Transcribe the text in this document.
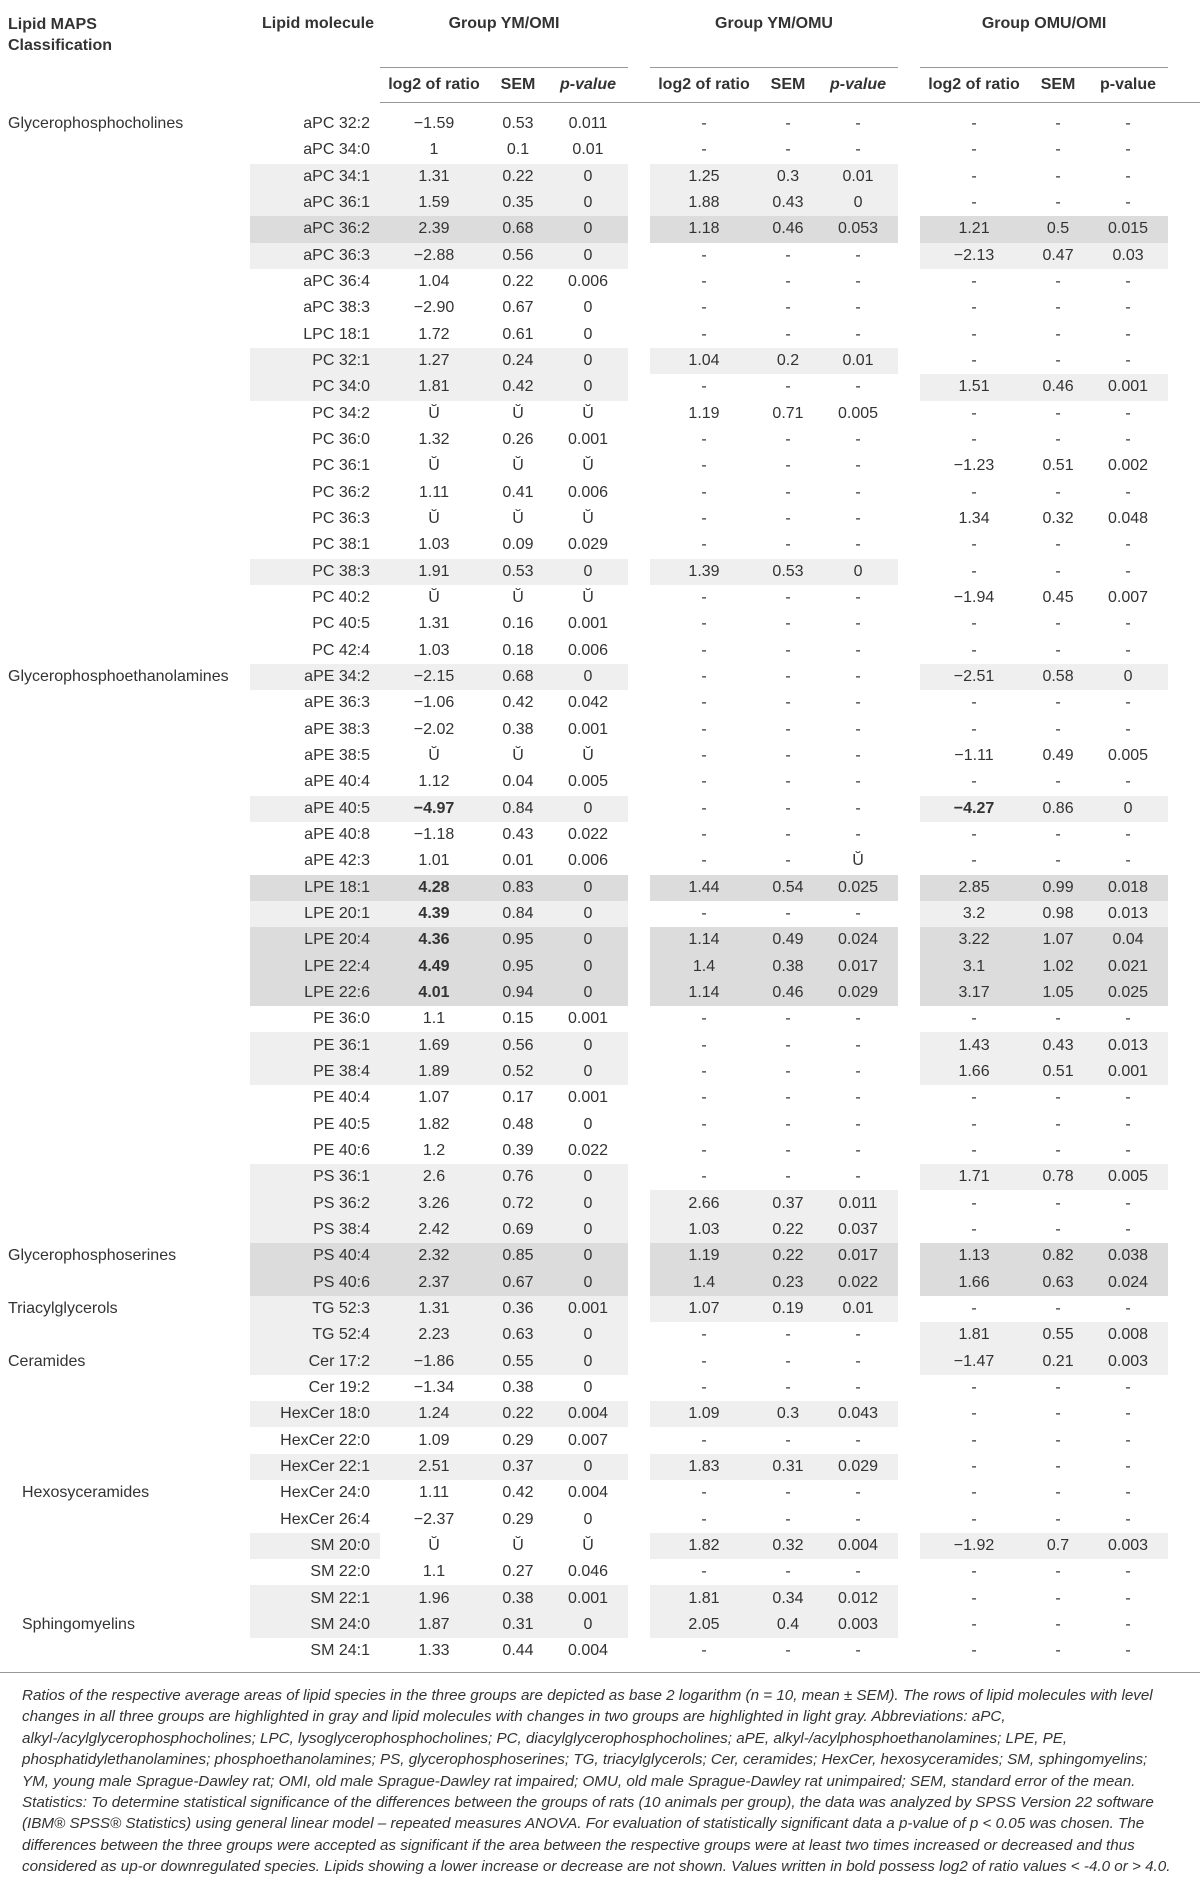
Lipid MAPS
Classification	Lipid molecule	Group YM/OMI				Group YM/OMU				Group OMU/OMI			
		log2 of ratio	SEM	p-value		log2 of ratio	SEM	p-value		log2 of ratio	SEM	p-value	
Glycerophosphocholines	aPC 32:2	−1.59	0.53	0.011		-	-	-		-	-	-	
	aPC 34:0	1	0.1	0.01		-	-	-		-	-	-	
	aPC 34:1	1.31	0.22	0		1.25	0.3	0.01		-	-	-	
	aPC 36:1	1.59	0.35	0		1.88	0.43	0		-	-	-	
	aPC 36:2	2.39	0.68	0		1.18	0.46	0.053		1.21	0.5	0.015	
	aPC 36:3	−2.88	0.56	0		-	-	-		−2.13	0.47	0.03	
	aPC 36:4	1.04	0.22	0.006		-	-	-		-	-	-	
	aPC 38:3	−2.90	0.67	0		-	-	-		-	-	-	
	LPC 18:1	1.72	0.61	0		-	-	-		-	-	-	
	PC 32:1	1.27	0.24	0		1.04	0.2	0.01		-	-	-	
	PC 34:0	1.81	0.42	0		-	-	-		1.51	0.46	0.001	
	PC 34:2	Ŭ	Ŭ	Ŭ		1.19	0.71	0.005		-	-	-	
	PC 36:0	1.32	0.26	0.001		-	-	-		-	-	-	
	PC 36:1	Ŭ	Ŭ	Ŭ		-	-	-		−1.23	0.51	0.002	
	PC 36:2	1.11	0.41	0.006		-	-	-		-	-	-	
	PC 36:3	Ŭ	Ŭ	Ŭ		-	-	-		1.34	0.32	0.048	
	PC 38:1	1.03	0.09	0.029		-	-	-		-	-	-	
	PC 38:3	1.91	0.53	0		1.39	0.53	0		-	-	-	
	PC 40:2	Ŭ	Ŭ	Ŭ		-	-	-		−1.94	0.45	0.007	
	PC 40:5	1.31	0.16	0.001		-	-	-		-	-	-	
	PC 42:4	1.03	0.18	0.006		-	-	-		-	-	-	
Glycerophosphoethanolamines	aPE 34:2	−2.15	0.68	0		-	-	-		−2.51	0.58	0	
	aPE 36:3	−1.06	0.42	0.042		-	-	-		-	-	-	
	aPE 38:3	−2.02	0.38	0.001		-	-	-		-	-	-	
	aPE 38:5	Ŭ	Ŭ	Ŭ		-	-	-		−1.11	0.49	0.005	
	aPE 40:4	1.12	0.04	0.005		-	-	-		-	-	-	
	aPE 40:5	−4.97	0.84	0		-	-	-		−4.27	0.86	0	
	aPE 40:8	−1.18	0.43	0.022		-	-	-		-	-	-	
	aPE 42:3	1.01	0.01	0.006		-	-	Ŭ		-	-	-	
	LPE 18:1	4.28	0.83	0		1.44	0.54	0.025		2.85	0.99	0.018	
	LPE 20:1	4.39	0.84	0		-	-	-		3.2	0.98	0.013	
	LPE 20:4	4.36	0.95	0		1.14	0.49	0.024		3.22	1.07	0.04	
	LPE 22:4	4.49	0.95	0		1.4	0.38	0.017		3.1	1.02	0.021	
	LPE 22:6	4.01	0.94	0		1.14	0.46	0.029		3.17	1.05	0.025	
	PE 36:0	1.1	0.15	0.001		-	-	-		-	-	-	
	PE 36:1	1.69	0.56	0		-	-	-		1.43	0.43	0.013	
	PE 38:4	1.89	0.52	0		-	-	-		1.66	0.51	0.001	
	PE 40:4	1.07	0.17	0.001		-	-	-		-	-	-	
	PE 40:5	1.82	0.48	0		-	-	-		-	-	-	
	PE 40:6	1.2	0.39	0.022		-	-	-		-	-	-	
	PS 36:1	2.6	0.76	0		-	-	-		1.71	0.78	0.005	
	PS 36:2	3.26	0.72	0		2.66	0.37	0.011		-	-	-	
	PS 38:4	2.42	0.69	0		1.03	0.22	0.037		-	-	-	
Glycerophosphoserines	PS 40:4	2.32	0.85	0		1.19	0.22	0.017		1.13	0.82	0.038	
	PS 40:6	2.37	0.67	0		1.4	0.23	0.022		1.66	0.63	0.024	
Triacylglycerols	TG 52:3	1.31	0.36	0.001		1.07	0.19	0.01		-	-	-	
	TG 52:4	2.23	0.63	0		-	-	-		1.81	0.55	0.008	
Ceramides	Cer 17:2	−1.86	0.55	0		-	-	-		−1.47	0.21	0.003	
	Cer 19:2	−1.34	0.38	0		-	-	-		-	-	-	
	HexCer 18:0	1.24	0.22	0.004		1.09	0.3	0.043		-	-	-	
	HexCer 22:0	1.09	0.29	0.007		-	-	-		-	-	-	
	HexCer 22:1	2.51	0.37	0		1.83	0.31	0.029		-	-	-	
Hexosyceramides	HexCer 24:0	1.11	0.42	0.004		-	-	-		-	-	-	
	HexCer 26:4	−2.37	0.29	0		-	-	-		-	-	-	
	SM 20:0	Ŭ	Ŭ	Ŭ		1.82	0.32	0.004		−1.92	0.7	0.003	
	SM 22:0	1.1	0.27	0.046		-	-	-		-	-	-	
	SM 22:1	1.96	0.38	0.001		1.81	0.34	0.012		-	-	-	
Sphingomyelins	SM 24:0	1.87	0.31	0		2.05	0.4	0.003		-	-	-	
	SM 24:1	1.33	0.44	0.004		-	-	-		-	-	-	

Ratios of the respective average areas of lipid species in the three groups are depicted as base 2 logarithm (n = 10, mean ± SEM). The rows of lipid molecules with level changes in all three groups are highlighted in gray and lipid molecules with changes in two groups are highlighted in light gray. Abbreviations: aPC, alkyl-/acylglycerophosphocholines; LPC, lysoglycerophosphocholines; PC, diacylglycerophosphocholines; aPE, alkyl-/acylphosphoethanolamines; LPE, PE, phosphatidylethanolamines; phosphoethanolamines; PS, glycerophosphoserines; TG, triacylglycerols; Cer, ceramides; HexCer, hexosyceramides; SM, sphingomyelins; YM, young male Sprague-Dawley rat; OMI, old male Sprague-Dawley rat impaired; OMU, old male Sprague-Dawley rat unimpaired; SEM, standard error of the mean. Statistics: To determine statistical significance of the differences between the groups of rats (10 animals per group), the data was analyzed by SPSS Version 22 software (IBM® SPSS® Statistics) using general linear model – repeated measures ANOVA. For evaluation of statistically significant data a p-value of p < 0.05 was chosen. The differences between the three groups were accepted as significant if the area between the respective groups were at least two times increased or decreased and thus considered as up-or downregulated species. Lipids showing a lower increase or decrease are not shown. Values written in bold possess log2 of ratio values < -4.0 or > 4.0.
